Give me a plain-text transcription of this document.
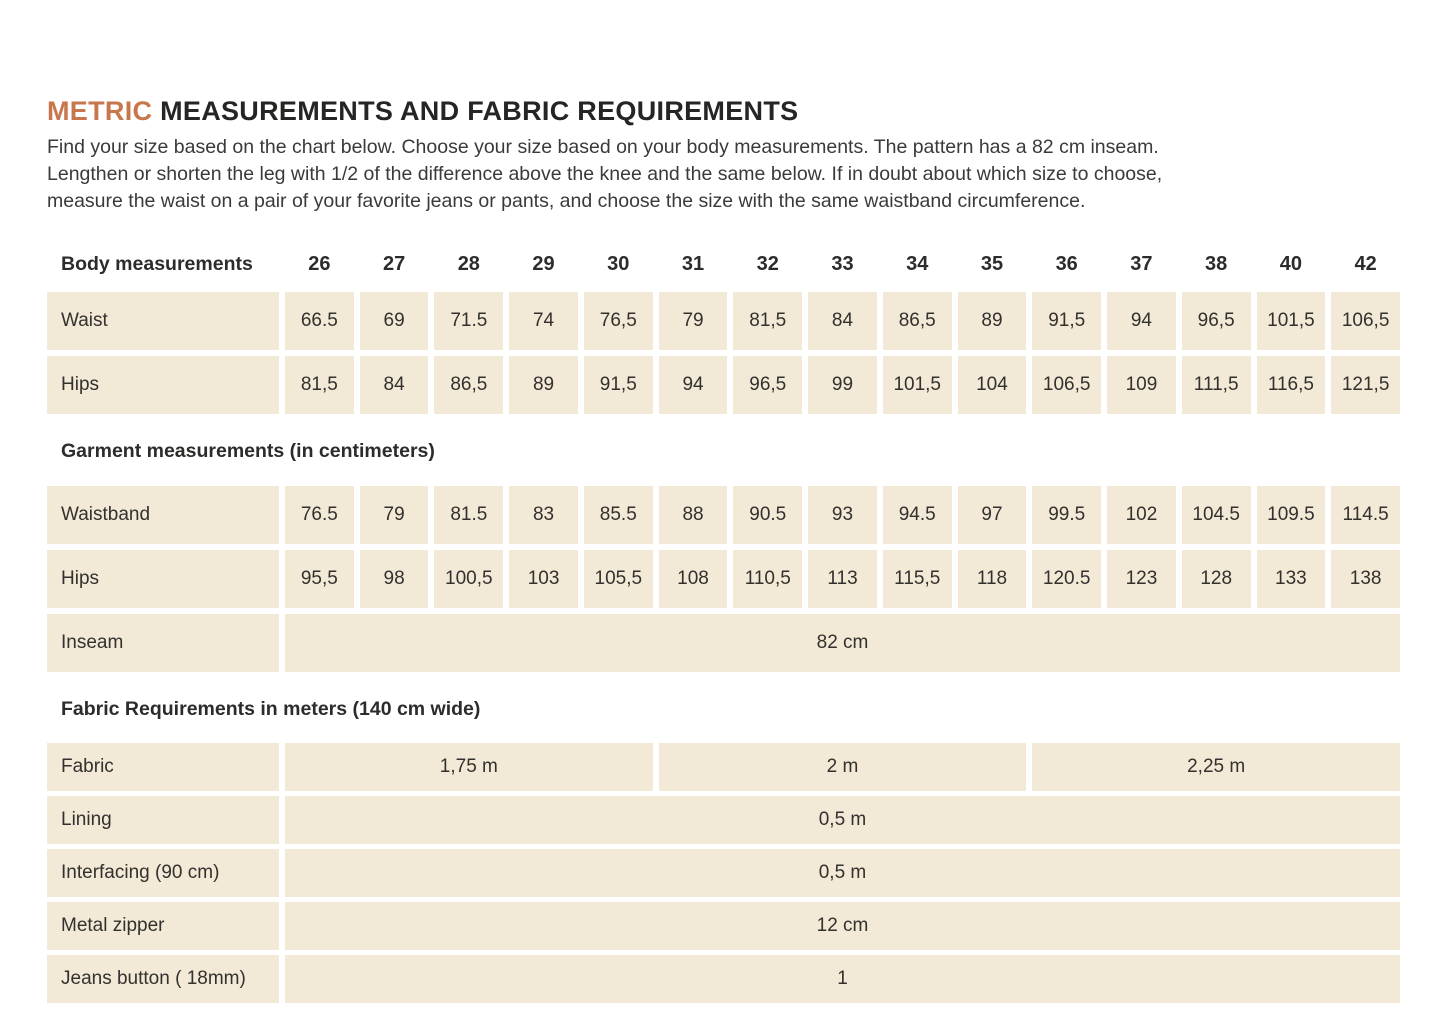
METRIC MEASUREMENTS AND FABRIC REQUIREMENTS
Find your size based on the chart below. Choose your size based on your body measurements. The pattern has a 82 cm inseam.
Lengthen or shorten the leg with 1/2 of the difference above the knee and the same below. If in doubt about which size to choose,
measure the waist on a pair of your favorite jeans or pants, and choose the size with the same waistband circumference.
Body measurements	26	27	28	29	30	31	32	33	34	35	36	37	38	40	42
Waist	66.5	69	71.5	74	76,5	79	81,5	84	86,5	89	91,5	94	96,5	101,5	106,5
Hips	81,5	84	86,5	89	91,5	94	96,5	99	101,5	104	106,5	109	111,5	116,5	121,5
Garment measurements (in centimeters)
Waistband	76.5	79	81.5	83	85.5	88	90.5	93	94.5	97	99.5	102	104.5	109.5	114.5
Hips	95,5	98	100,5	103	105,5	108	110,5	113	115,5	118	120.5	123	128	133	138
Inseam	82 cm
Fabric Requirements in meters (140 cm wide)
Fabric	1,75 m	2 m	2,25 m
Lining	0,5 m
Interfacing (90 cm)	0,5 m
Metal zipper	12 cm
Jeans button ( 18mm)	1
